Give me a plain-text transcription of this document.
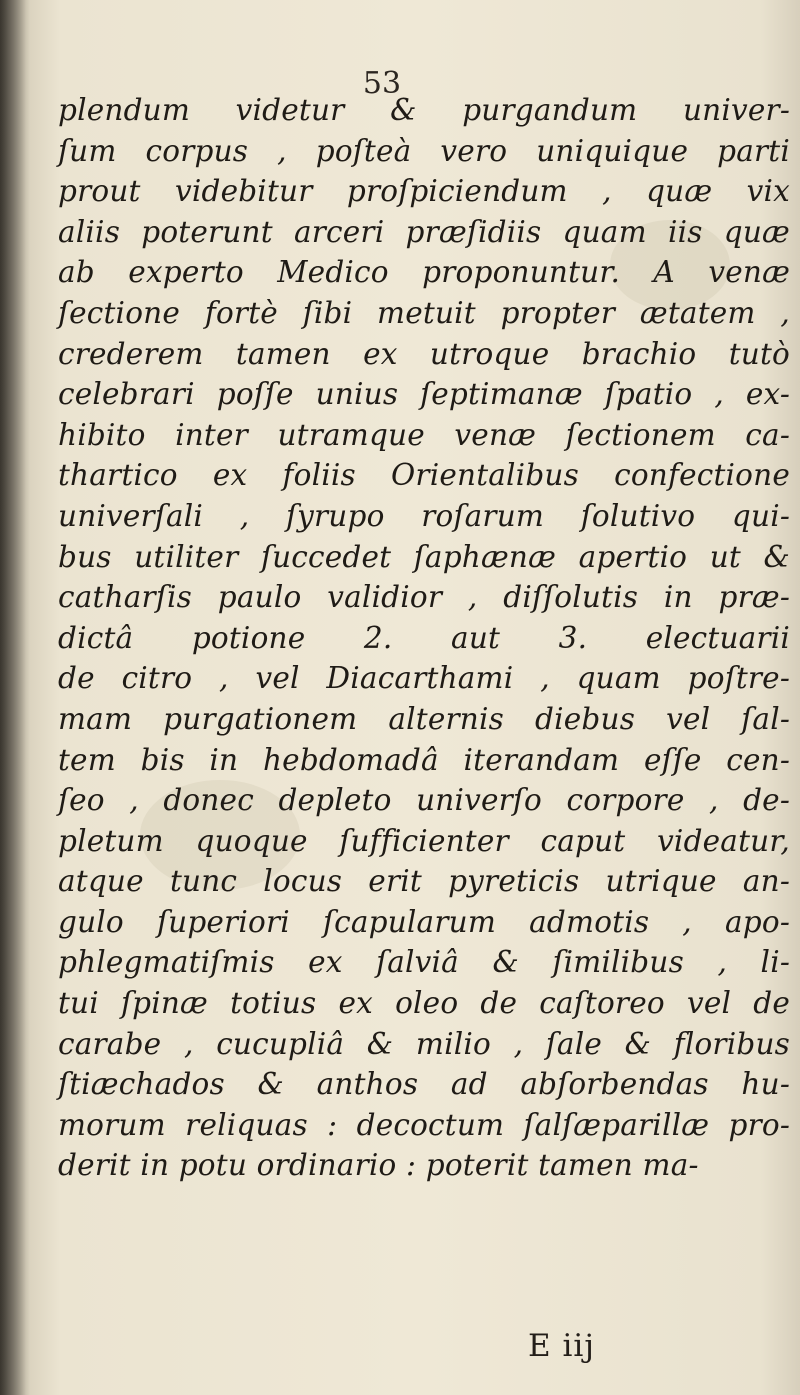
53
plendum videtur & purgandum univer-
ſum corpus , poſteà vero uniquique parti
prout videbitur proſpiciendum , quæ vix
aliis poterunt arceri præſidiis quam iis quæ
ab experto Medico proponuntur. A venæ
ſectione fortè ſibi metuit propter ætatem ,
crederem tamen ex utroque brachio tutò
celebrari poſſe unius ſeptimanæ ſpatio , ex-
hibito inter utramque venæ ſectionem ca-
thartico ex foliis Orientalibus confectione
univerſali , ſyrupo roſarum ſolutivo qui-
bus utiliter ſuccedet ſaphænæ apertio ut &
catharſis paulo validior , diſſolutis in præ-
dictâ potione 2. aut 3. electuarii
de citro , vel Diacarthami , quam poſtre-
mam purgationem alternis diebus vel ſal-
tem bis in hebdomadâ iterandam eſſe cen-
ſeo , donec depleto univerſo corpore , de-
pletum quoque ſufficienter caput videatur,
atque tunc locus erit pyreticis utrique an-
gulo ſuperiori ſcapularum admotis , apo-
phlegmatiſmis ex ſalviâ & ſimilibus , li-
tui ſpinæ totius ex oleo de caſtoreo vel de
carabe , cucupliâ & milio , ſale & floribus
ſtiæchados & anthos ad abſorbendas hu-
morum reliquas : decoctum ſalſæparillæ pro-
derit in potu ordinario : poterit tamen ma-
E iij
